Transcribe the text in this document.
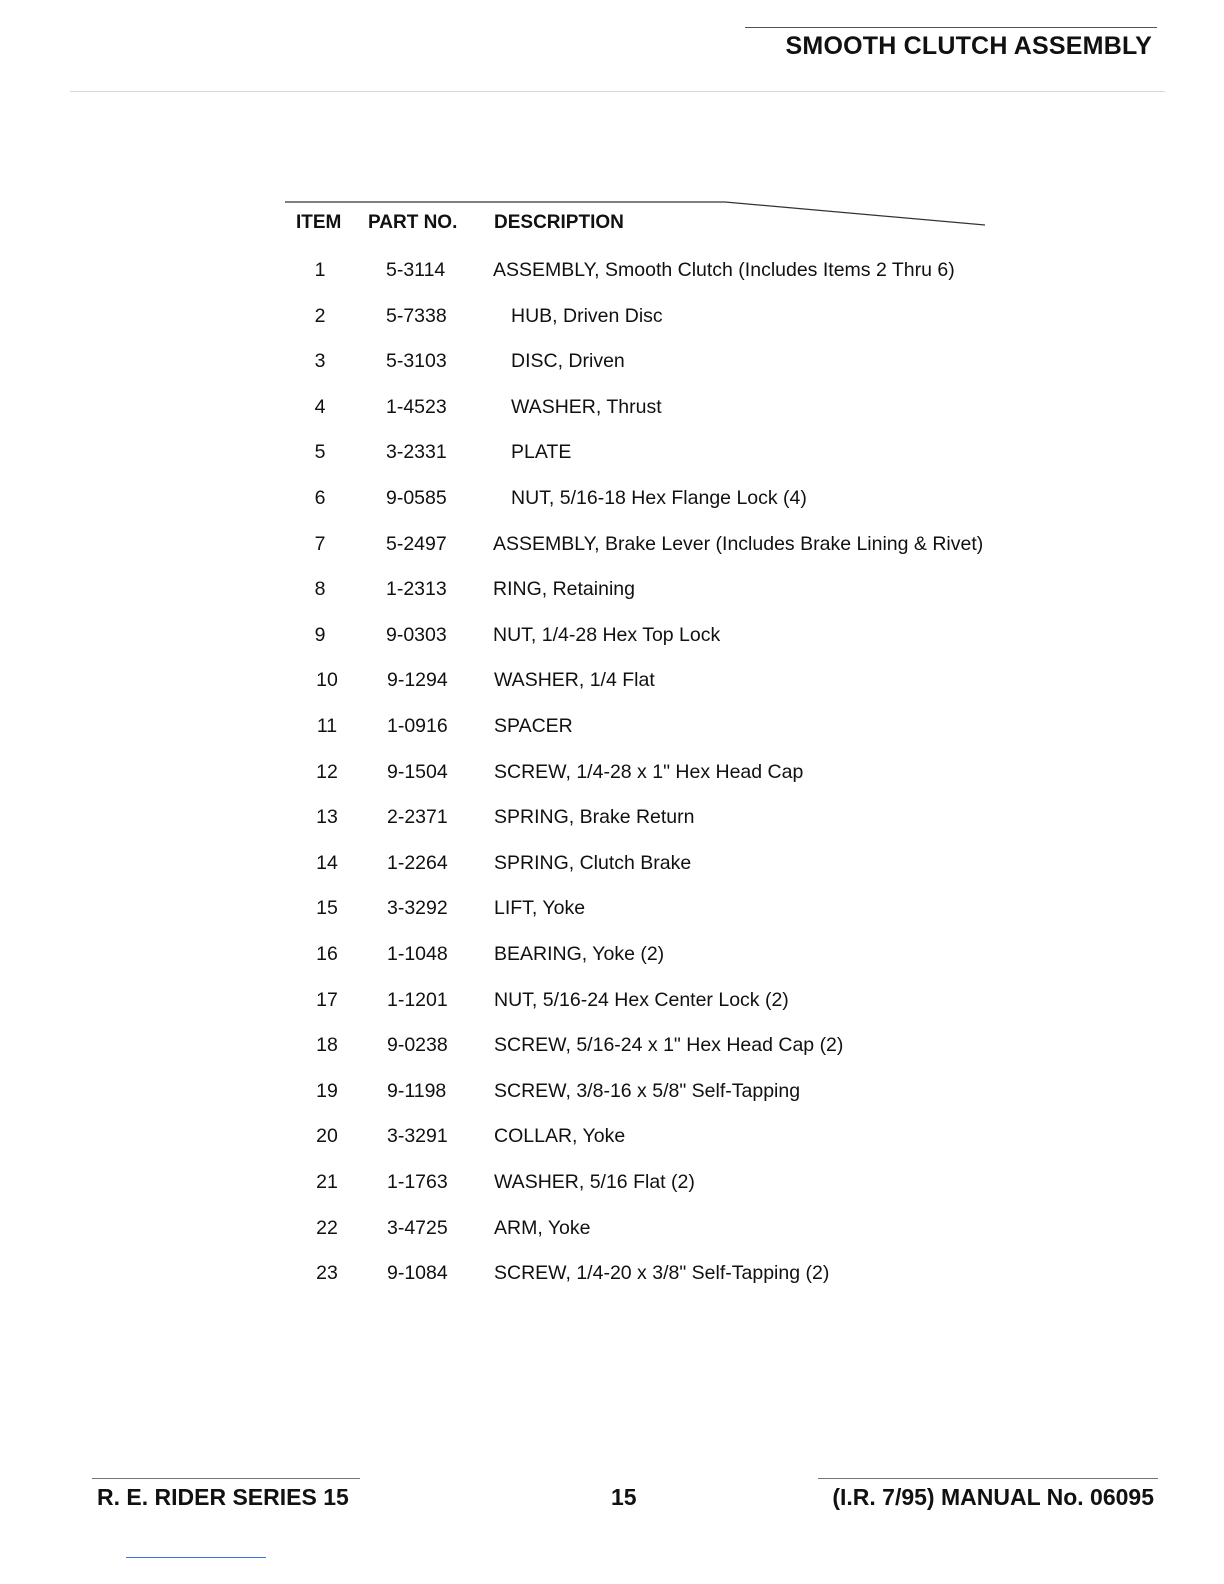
SMOOTH CLUTCH ASSEMBLY
ITEM PART NO. DESCRIPTION
1	5-3114 ASSEMBLY, Smooth Clutch (Includes Items 2 Thru 6)
2	5-7338	HUB, Driven Disc
3	5-3103	DISC, Driven
4	1-4523	WASHER, Thrust
5	3-2331	PLATE
6	9-0585	NUT, 5/16-18 Hex Flange Lock (4)
7	5-2497 ASSEMBLY, Brake Lever (Includes Brake Lining & Rivet)
8	1-2313 RING, Retaining
9	9-0303 NUT, 1/4-28 Hex Top Lock
10	9-1294 WASHER, 1/4 Flat
11	1-0916 SPACER
12	9-1504 SCREW, 1/4-28 x 1" Hex Head Cap
13	2-2371 SPRING, Brake Return
14	1-2264 SPRING, Clutch Brake
15	3-3292 LIFT, Yoke
16	1-1048 BEARING, Yoke (2)
17	1-1201 NUT, 5/16-24 Hex Center Lock (2)
18	9-0238 SCREW, 5/16-24 x 1" Hex Head Cap (2)
19	9-1198 SCREW, 3/8-16 x 5/8" Self-Tapping
20	3-3291 COLLAR, Yoke
21	1-1763 WASHER, 5/16 Flat (2)
22	3-4725 ARM, Yoke
23	9-1084 SCREW, 1/4-20 x 3/8" Self-Tapping (2)
R. E. RIDER SERIES 15	15	(I.R. 7/95) MANUAL No. 06095
